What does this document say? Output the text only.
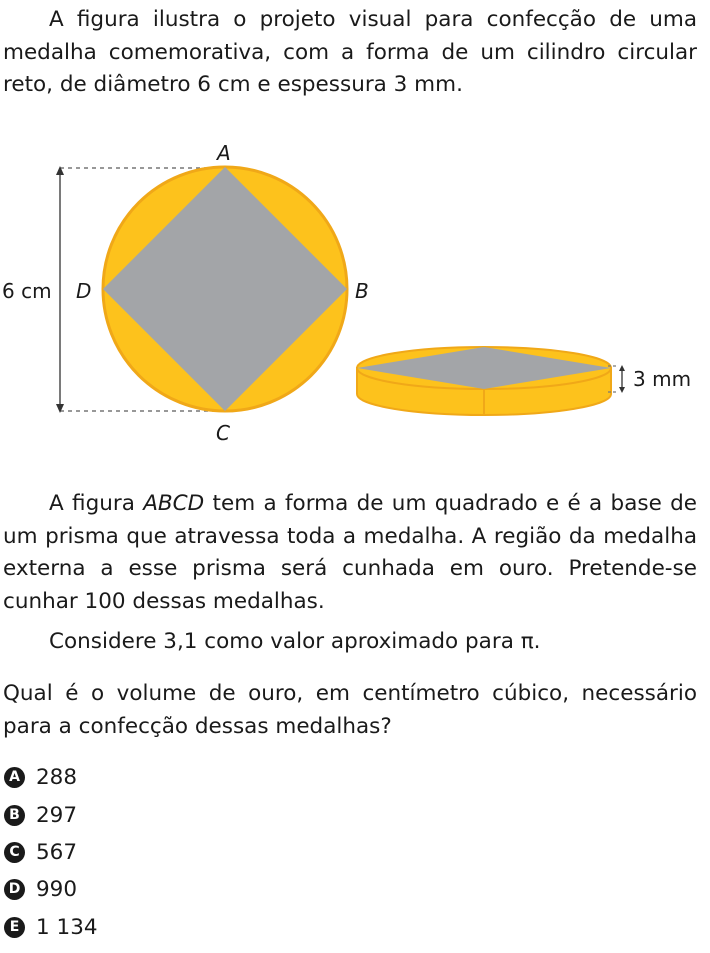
A figura ilustra o projeto visual para confecção de uma medalha comemorativa, com a forma de um cilindro circular reto, de diâmetro 6 cm e espessura 3 mm.

A
B
C
D
6 cm
3 mm

A figura ABCD tem a forma de um quadrado e é a base de um prisma que atravessa toda a medalha. A região da medalha externa a esse prisma será cunhada em ouro. Pretende-se cunhar 100 dessas medalhas.

Considere 3,1 como valor aproximado para π.

Qual é o volume de ouro, em centímetro cúbico, necessário para a confecção dessas medalhas?

A 288
B 297
C 567
D 990
E 1 134
